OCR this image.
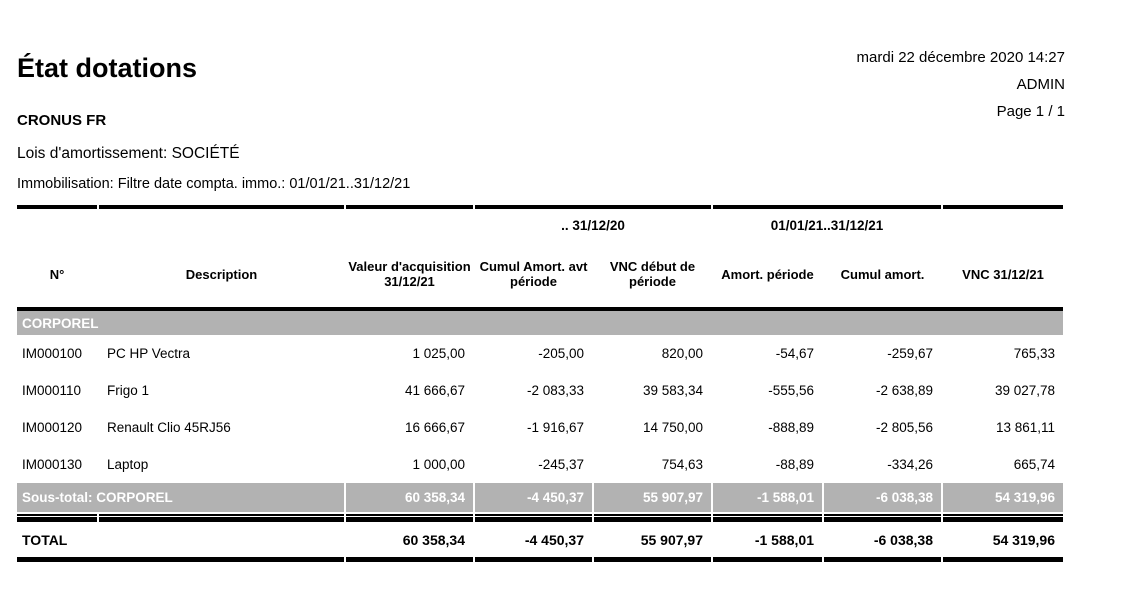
mardi 22 décembre 2020 14:27
ADMIN
Page 1 / 1
État dotations
CRONUS FR
Lois d'amortissement: SOCIÉTÉ
Immobilisation: Filtre date compta. immo.: 01/01/21..31/12/21
			.. 31/12/20		01/01/21..31/12/21		
N°	Description	Valeur d'acquisition 31/12/21	Cumul Amort. avt période	VNC début de période	Amort. période	Cumul amort.	VNC 31/12/21
CORPOREL							
IM000100	PC HP Vectra	1 025,00	-205,00	820,00	-54,67	-259,67	765,33
IM000110	Frigo 1	41 666,67	-2 083,33	39 583,34	-555,56	-2 638,89	39 027,78
IM000120	Renault Clio 45RJ56	16 666,67	-1 916,67	14 750,00	-888,89	-2 805,56	13 861,11
IM000130	Laptop	1 000,00	-245,37	754,63	-88,89	-334,26	665,74
Sous-total: CORPOREL		60 358,34	-4 450,37	55 907,97	-1 588,01	-6 038,38	54 319,96

TOTAL		60 358,34	-4 450,37	55 907,97	-1 588,01	-6 038,38	54 319,96
